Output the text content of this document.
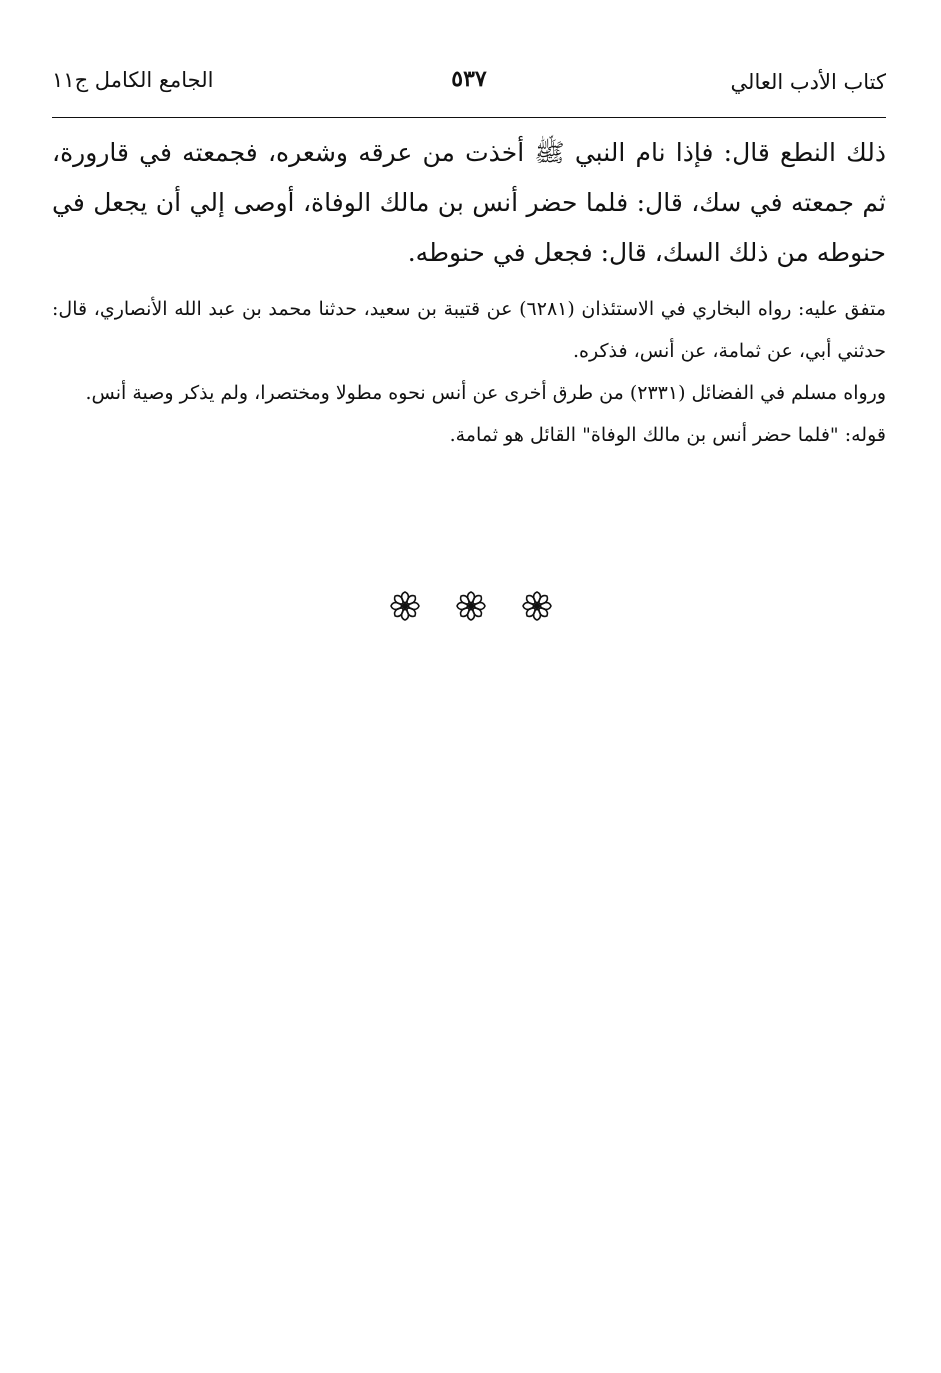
كتاب الأدب العالي
٥٣٧
الجامع الكامل ج١١

ذلك النطع قال: فإذا نام النبي ﷺ أخذت من عرقه وشعره، فجمعته في قارورة، ثم جمعته في سك، قال: فلما حضر أنس بن مالك الوفاة، أوصى إلي أن يجعل في حنوطه من ذلك السك، قال: فجعل في حنوطه.

متفق عليه: رواه البخاري في الاستئذان (٦٢٨١) عن قتيبة بن سعيد، حدثنا محمد بن عبد الله الأنصاري، قال: حدثني أبي، عن ثمامة، عن أنس، فذكره.

ورواه مسلم في الفضائل (٢٣٣١) من طرق أخرى عن أنس نحوه مطولا ومختصرا، ولم يذكر وصية أنس.

قوله: "فلما حضر أنس بن مالك الوفاة" القائل هو ثمامة.
